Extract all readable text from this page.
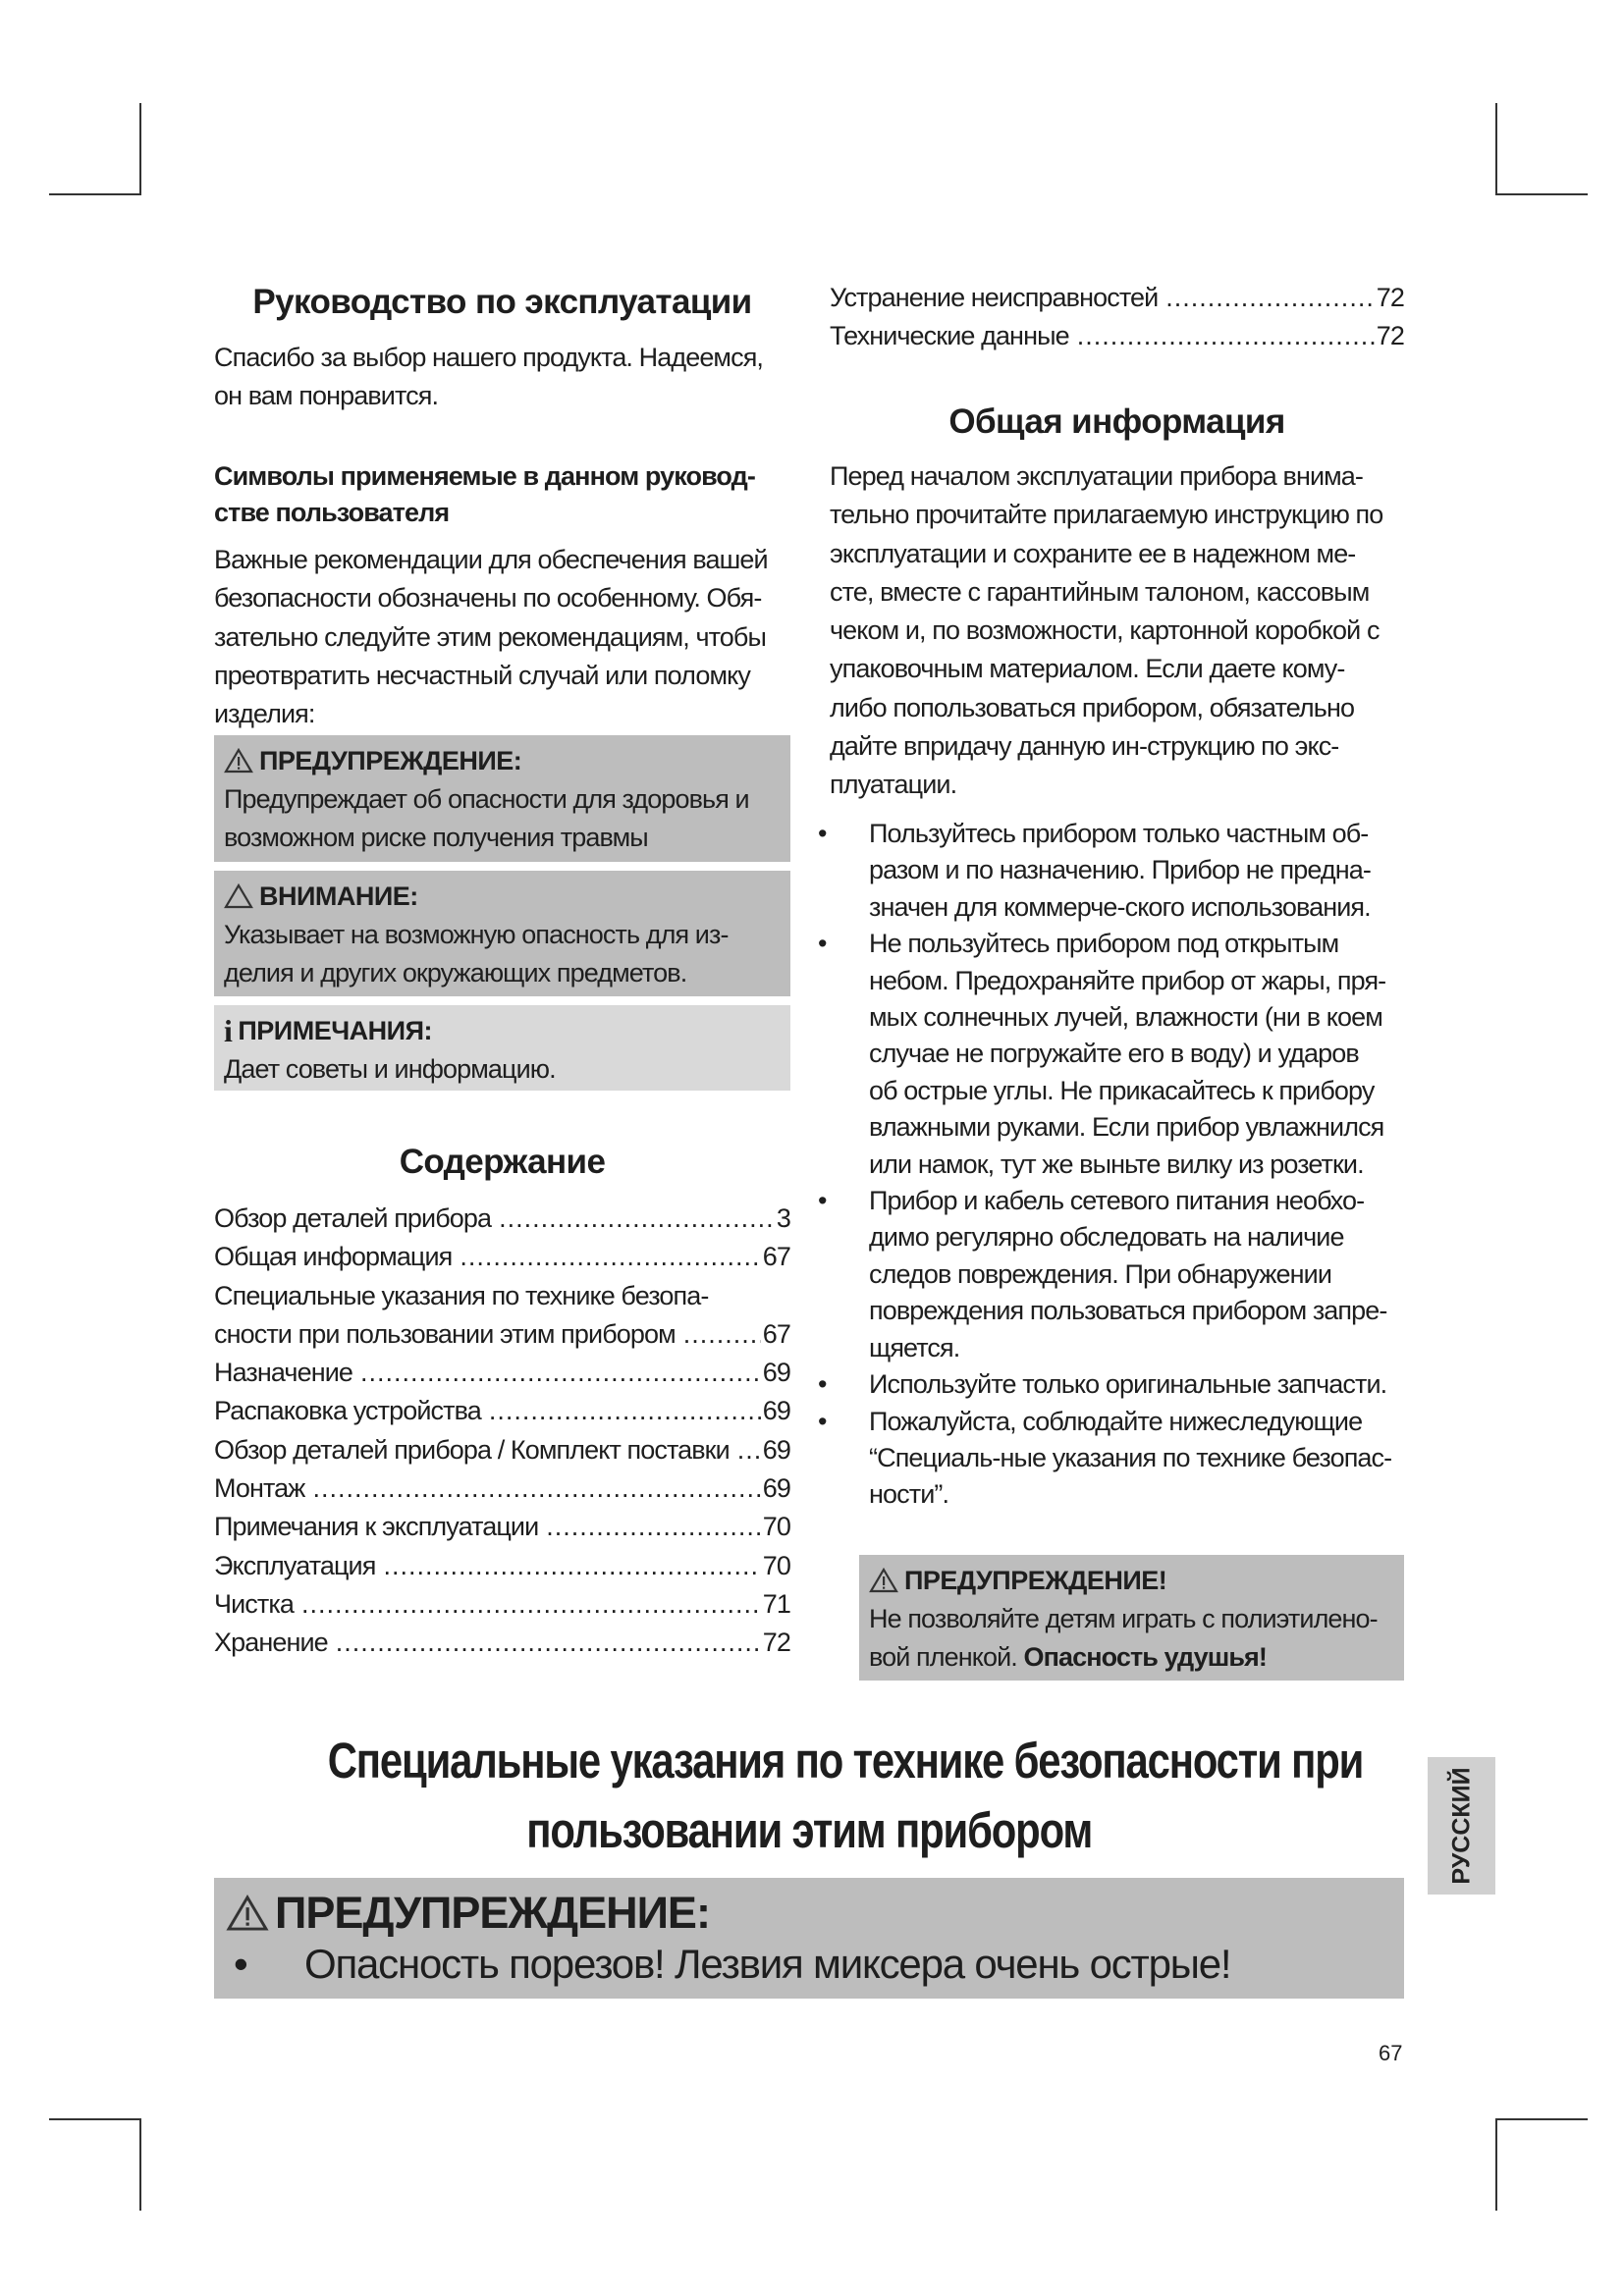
Руководство по эксплуатации
Спасибо за выбор нашего продукта. Надеемся,
он вам понравится.
Символы применяемые в данном руковод-
стве пользователя
Важные рекомендации для обеспечения вашей
безопасности обозначены по особенному. Обя-
зательно следуйте этим рекомендациям, чтобы
преотвратить несчастный случай или поломку
изделия:
ПРЕДУПРЕЖДЕНИЕ:
Предупреждает об опасности для здоровья и
возможном риске получения травмы
ВНИМАНИЕ:
Указывает на возможную опасность для из-
делия и других окружающих предметов.
i ПРИМЕЧАНИЯ:
Дает советы и информацию.
Содержание
Обзор деталей прибора .....	3
Общая информация .....	67
Специальные указания по технике безопа-
сности при пользовании этим прибором .....	67
Назначение .....	69
Распаковка устройства .....	69
Обзор деталей прибора / Комплект поставки ..... 69
Монтаж .....	69
Примечания к эксплуатации .....	70
Эксплуатация .....	70
Чистка .....	71
Хранение .....	72
Устранение неисправностей .....	72
Технические данные .....	72
Общая информация
Перед началом эксплуатации прибора внима-
тельно прочитайте прилагаемую инструкцию по
эксплуатации и сохраните ее в надежном ме-
сте, вместе с гарантийным талоном, кассовым
чеком и, по возможности, картонной коробкой с
упаковочным материалом. Если даете кому-
либо попользоваться прибором, обязательно
дайте впридачу данную ин-струкцию по экс-
плуатации.
• Пользуйтесь прибором только частным об-
разом и по назначению. Прибор не предна-
значен для коммерче-ского использования.
• Не пользуйтесь прибором под открытым
небом. Предохраняйте прибор от жары, пря-
мых солнечных лучей, влажности (ни в коем
случае не погружайте его в воду) и ударов
об острые углы. Не прикасайтесь к прибору
влажными руками. Если прибор увлажнился
или намок, тут же выньте вилку из розетки.
• Прибор и кабель сетевого питания необхо-
димо регулярно обследовать на наличие
следов повреждения. При обнаружении
повреждения пользоваться прибором запре-
щяется.
• Используйте только оригинальные запчасти.
• Пожалуйста, соблюдайте нижеследующие
“Специаль-ные указания по технике безопас-
ности”.
ПРЕДУПРЕЖДЕНИЕ!
Не позволяйте детям играть с полиэтилено-
вой пленкой. Опасность удушья!
Специальные указания по технике безопасности при
пользовании этим прибором
ПРЕДУПРЕЖДЕНИЕ:
•	Опасность порезов! Лезвия миксера очень острые!
РУССКИЙ
67
